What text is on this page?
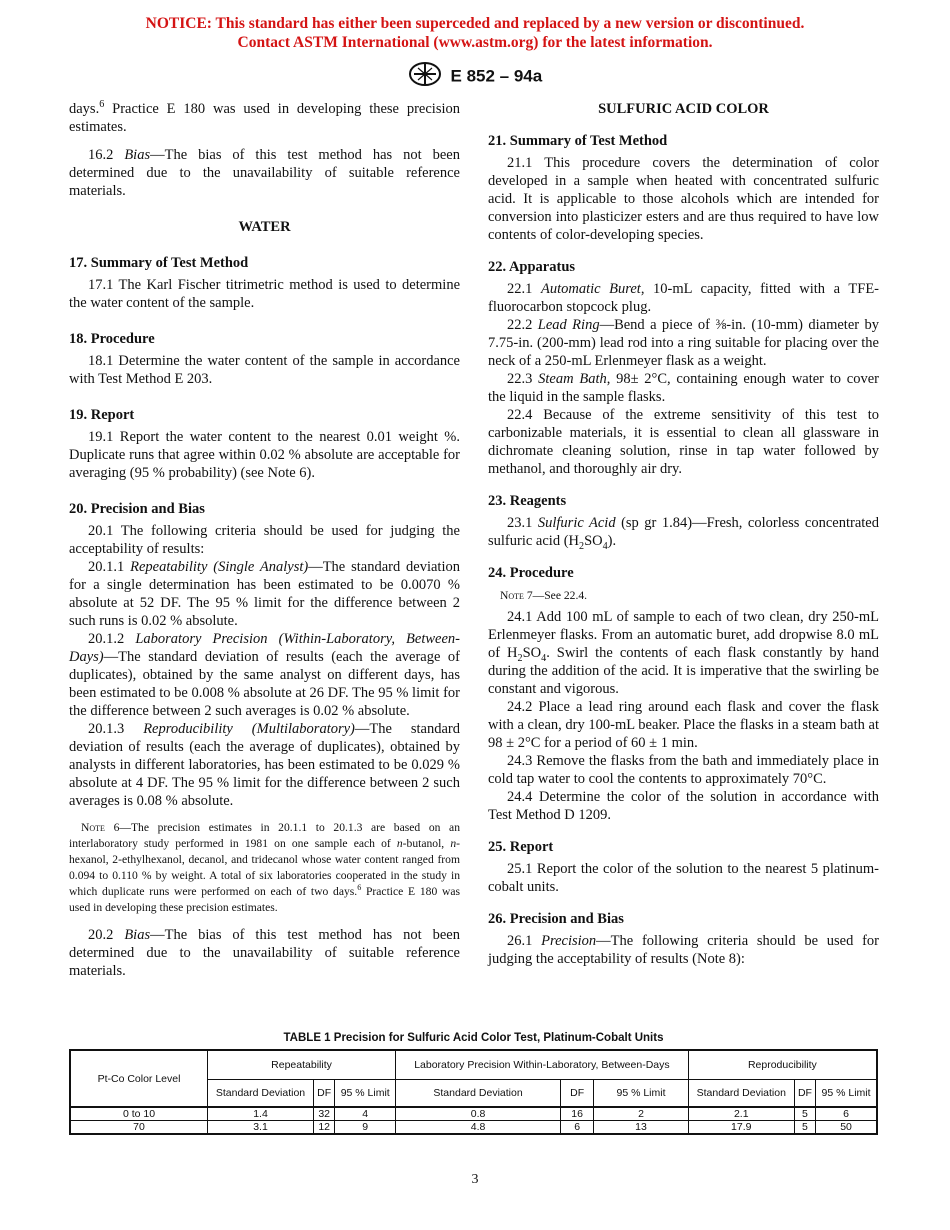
NOTICE: This standard has either been superceded and replaced by a new version or discontinued.
Contact ASTM International (www.astm.org) for the latest information.
E 852 – 94a

days.$^6$ Practice E 180 was used in developing these precision estimates.

16.2 Bias—The bias of this test method has not been determined due to the unavailability of suitable reference materials.

WATER

17. Summary of Test Method

17.1 The Karl Fischer titrimetric method is used to determine the water content of the sample.

18. Procedure

18.1 Determine the water content of the sample in accordance with Test Method E 203.

19. Report

19.1 Report the water content to the nearest 0.01 weight %. Duplicate runs that agree within 0.02 % absolute are acceptable for averaging (95 % probability) (see Note 6).

20. Precision and Bias

20.1 The following criteria should be used for judging the acceptability of results:

20.1.1 Repeatability (Single Analyst)—The standard deviation for a single determination has been estimated to be 0.0070 % absolute at 52 DF. The 95 % limit for the difference between 2 such runs is 0.02 % absolute.

20.1.2 Laboratory Precision (Within-Laboratory, Between-Days)—The standard deviation of results (each the average of duplicates), obtained by the same analyst on different days, has been estimated to be 0.008 % absolute at 26 DF. The 95 % limit for the difference between 2 such averages is 0.02 % absolute.

20.1.3 Reproducibility (Multilaboratory)—The standard deviation of results (each the average of duplicates), obtained by analysts in different laboratories, has been estimated to be 0.029 % absolute at 4 DF. The 95 % limit for the difference between 2 such averages is 0.08 % absolute.

Note 6—The precision estimates in 20.1.1 to 20.1.3 are based on an interlaboratory study performed in 1981 on one sample each of n-butanol, n-hexanol, 2-ethylhexanol, decanol, and tridecanol whose water content ranged from 0.094 to 0.110 % by weight. A total of six laboratories cooperated in the study in which duplicate runs were performed on each of two days.$^6$ Practice E 180 was used in developing these precision estimates.

20.2 Bias—The bias of this test method has not been determined due to the unavailability of suitable reference materials.

SULFURIC ACID COLOR

21. Summary of Test Method

21.1 This procedure covers the determination of color developed in a sample when heated with concentrated sulfuric acid. It is applicable to those alcohols which are intended for conversion into plasticizer esters and are thus required to have low contents of color-developing species.

22. Apparatus

22.1 Automatic Buret, 10-mL capacity, fitted with a TFE-fluorocarbon stopcock plug.

22.2 Lead Ring—Bend a piece of ⅜-in. (10-mm) diameter by 7.75-in. (200-mm) lead rod into a ring suitable for placing over the neck of a 250-mL Erlenmeyer flask as a weight.

22.3 Steam Bath, 98± 2°C, containing enough water to cover the liquid in the sample flasks.

22.4 Because of the extreme sensitivity of this test to carbonizable materials, it is essential to clean all glassware in dichromate cleaning solution, rinse in tap water followed by methanol, and thoroughly air dry.

23. Reagents

23.1 Sulfuric Acid (sp gr 1.84)—Fresh, colorless concentrated sulfuric acid $(H_2SO_4)$.

24. Procedure

Note 7—See 22.4.

24.1 Add 100 mL of sample to each of two clean, dry 250-mL Erlenmeyer flasks. From an automatic buret, add dropwise 8.0 mL of $H_2SO_4$. Swirl the contents of each flask constantly by hand during the addition of the acid. It is imperative that the swirling be constant and vigorous.

24.2 Place a lead ring around each flask and cover the flask with a clean, dry 100-mL beaker. Place the flasks in a steam bath at 98 ± 2°C for a period of 60 ± 1 min.

24.3 Remove the flasks from the bath and immediately place in cold tap water to cool the contents to approximately 70°C.

24.4 Determine the color of the solution in accordance with Test Method D 1209.

25. Report

25.1 Report the color of the solution to the nearest 5 platinum-cobalt units.

26. Precision and Bias

26.1 Precision—The following criteria should be used for judging the acceptability of results (Note 8):

TABLE 1 Precision for Sulfuric Acid Color Test, Platinum-Cobalt Units
Pt-Co Color Level	Repeatability			Laboratory Precision Within-Laboratory, Between-Days			Reproducibility		
	Standard Deviation	DF	95 % Limit	Standard Deviation	DF	95 % Limit	Standard Deviation	DF	95 % Limit
0 to 10	1.4	32	4	0.8	16	2	2.1	5	6
70	3.1	12	9	4.8	6	13	17.9	5	50
3
